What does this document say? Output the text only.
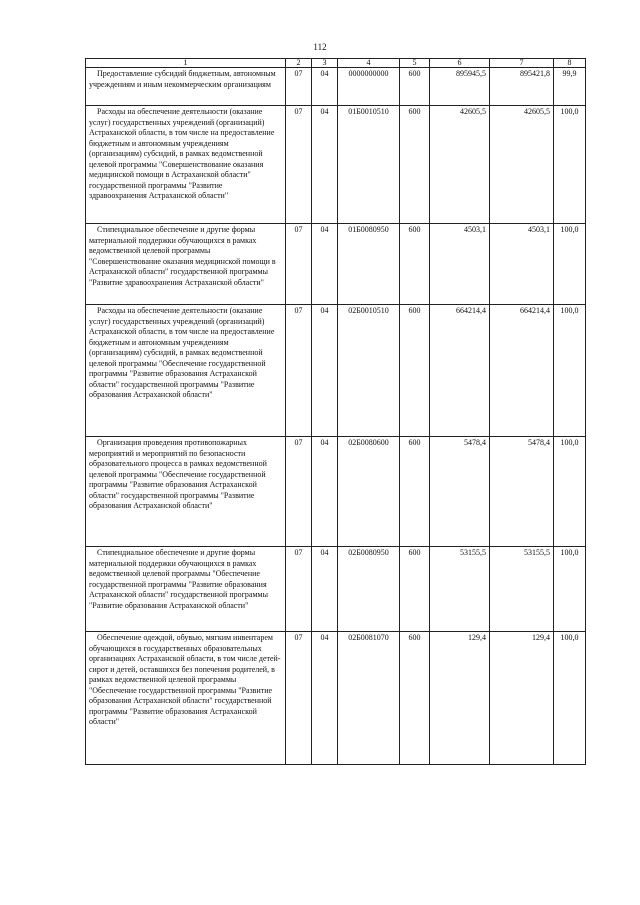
112
1	2	3	4	5	6	7	8
Предоставление субсидий бюджетным, автономным учреждениям и иным некоммерческим организациям	07	04	0000000000	600	895945,5	895421,8	99,9
Расходы на обеспечение деятельности (оказание услуг) государственных учреждений (организаций) Астраханской области, в том числе на предоставление бюджетным и автономным учреждениям (организациям) субсидий, в рамках ведомственной целевой программы "Совершенствование оказания медицинской помощи в Астраханской области" государственной программы "Развитие здравоохранения Астраханской области"	07	04	01Б0010510	600	42605,5	42605,5	100,0
Стипендиальное обеспечение и другие формы материальной поддержки обучающихся в рамках ведомственной целевой программы "Совершенствование оказания медицинской помощи в Астраханской области" государственной программы "Развитие здравоохранения Астраханской области"	07	04	01Б0080950	600	4503,1	4503,1	100,0
Расходы на обеспечение деятельности (оказание услуг) государственных учреждений (организаций) Астраханской области, в том числе на предоставление бюджетным и автономным учреждениям (организациям) субсидий, в рамках ведомственной целевой программы "Обеспечение государственной программы "Развитие образования Астраханской области" государственной программы "Развитие образования Астраханской области"	07	04	02Б0010510	600	664214,4	664214,4	100,0
Организация проведения противопожарных мероприятий и мероприятий по безопасности образовательного процесса в рамках ведомственной целевой программы "Обеспечение государственной программы "Развитие образования Астраханской области" государственной программы "Развитие образования Астраханской области"	07	04	02Б0080600	600	5478,4	5478,4	100,0
Стипендиальное обеспечение и другие формы материальной поддержки обучающихся в рамках ведомственной целевой программы "Обеспечение государственной программы "Развитие образования Астраханской области" государственной программы "Развитие образования Астраханской области"	07	04	02Б0080950	600	53155,5	53155,5	100,0
Обеспечение одеждой, обувью, мягким инвентарем обучающихся в государственных образовательных организациях Астраханской области, в том числе детей-сирот и детей, оставшихся без попечения родителей, в рамках ведомственной целевой программы "Обеспечение государственной программы "Развитие образования Астраханской области" государственной программы "Развитие образования Астраханской области"	07	04	02Б0081070	600	129,4	129,4	100,0
